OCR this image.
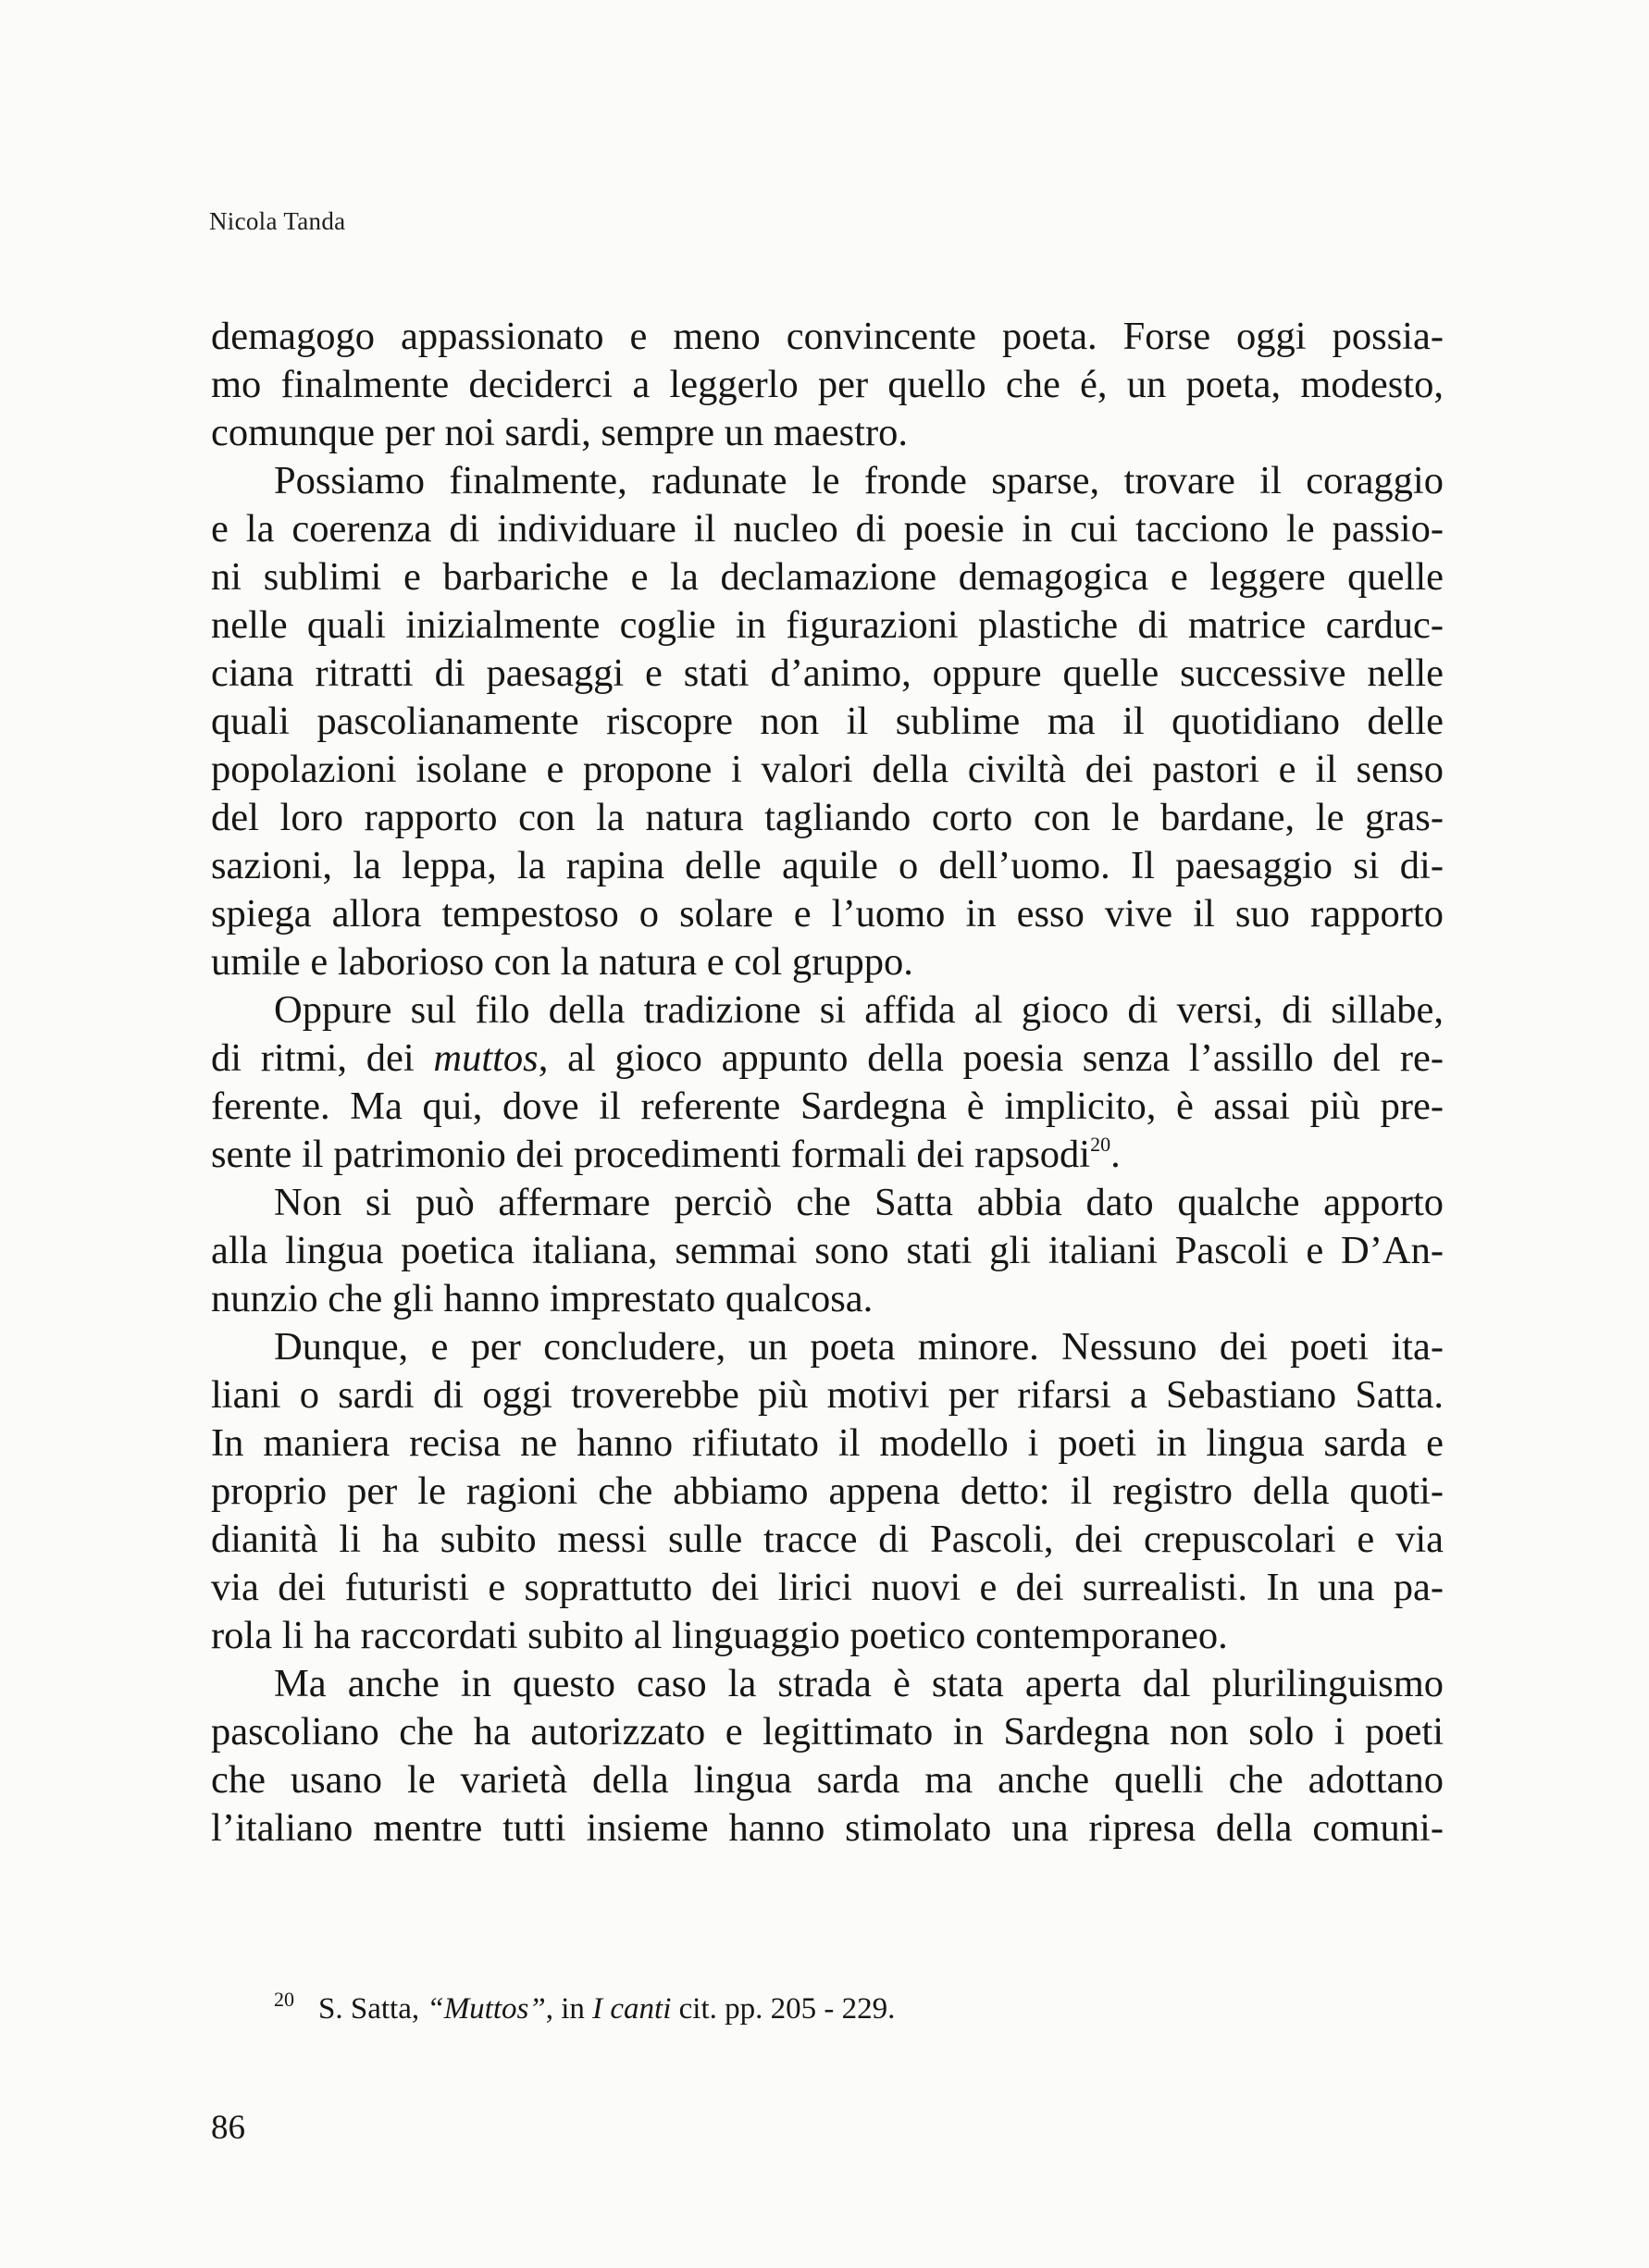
Nicola Tanda
demagogo appassionato e meno convincente poeta. Forse oggi possia-
mo finalmente deciderci a leggerlo per quello che é, un poeta, modesto,
comunque per noi sardi, sempre un maestro.
Possiamo finalmente, radunate le fronde sparse, trovare il coraggio
e la coerenza di individuare il nucleo di poesie in cui tacciono le passio-
ni sublimi e barbariche e la declamazione demagogica e leggere quelle
nelle quali inizialmente coglie in figurazioni plastiche di matrice carduc-
ciana ritratti di paesaggi e stati d’animo, oppure quelle successive nelle
quali pascolianamente riscopre non il sublime ma il quotidiano delle
popolazioni isolane e propone i valori della civiltà dei pastori e il senso
del loro rapporto con la natura tagliando corto con le bardane, le gras-
sazioni, la leppa, la rapina delle aquile o dell’uomo. Il paesaggio si di-
spiega allora tempestoso o solare e l’uomo in esso vive il suo rapporto
umile e laborioso con la natura e col gruppo.
Oppure sul filo della tradizione si affida al gioco di versi, di sillabe,
di ritmi, dei muttos, al gioco appunto della poesia senza l’assillo del re-
ferente. Ma qui, dove il referente Sardegna è implicito, è assai più pre-
sente il patrimonio dei procedimenti formali dei rapsodi$^{20}$.
Non si può affermare perciò che Satta abbia dato qualche apporto
alla lingua poetica italiana, semmai sono stati gli italiani Pascoli e D’An-
nunzio che gli hanno imprestato qualcosa.
Dunque, e per concludere, un poeta minore. Nessuno dei poeti ita-
liani o sardi di oggi troverebbe più motivi per rifarsi a Sebastiano Satta.
In maniera recisa ne hanno rifiutato il modello i poeti in lingua sarda e
proprio per le ragioni che abbiamo appena detto: il registro della quoti-
dianità li ha subito messi sulle tracce di Pascoli, dei crepuscolari e via
via dei futuristi e soprattutto dei lirici nuovi e dei surrealisti. In una pa-
rola li ha raccordati subito al linguaggio poetico contemporaneo.
Ma anche in questo caso la strada è stata aperta dal plurilinguismo
pascoliano che ha autorizzato e legittimato in Sardegna non solo i poeti
che usano le varietà della lingua sarda ma anche quelli che adottano
l’italiano mentre tutti insieme hanno stimolato una ripresa della comuni-
$^{20}$ S. Satta, “Muttos”, in I canti cit. pp. 205 - 229.
86
